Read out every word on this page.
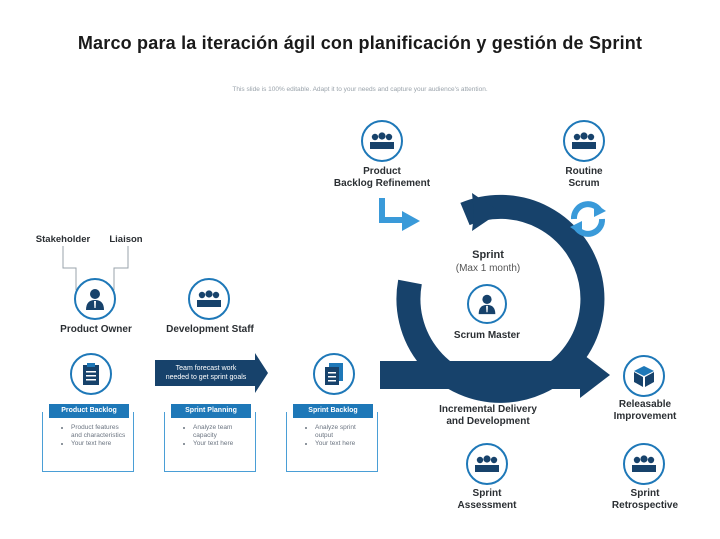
Marco para la iteración ágil con planificación y gestión de Sprint
This slide is 100% editable. Adapt it to your needs and capture your audience's attention.
Stakeholder	Liaison
Product Owner	Development Staff
Team forecast work
needed to get sprint goals
Product Backlog
Product features and characteristics
Your text here
Sprint Planning
Analyze team capacity
Your text here
Sprint Backlog
Analyze sprint output
Your text here
Product
Backlog Refinement
Routine
Scrum
Sprint
(Max 1 month)
Scrum Master
Incremental Delivery
and Development
Releasable
Improvement
Sprint
Assessment
Sprint
Retrospective
